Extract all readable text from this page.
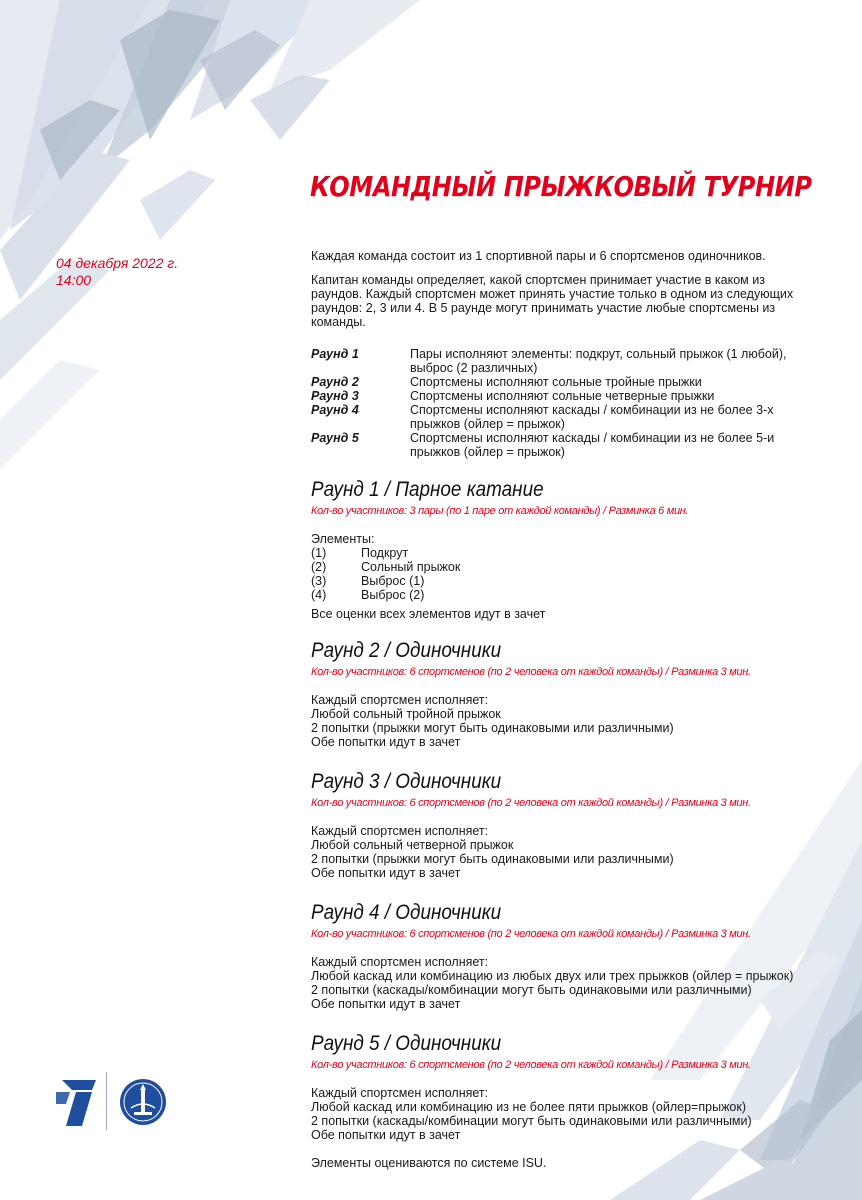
КОМАНДНЫЙ ПРЫЖКОВЫЙ ТУРНИР
04 декабря 2022 г.
14:00

Каждая команда состоит из 1 спортивной пары и 6 спортсменов одиночников.

Капитан команды определяет, какой спортсмен принимает участие в каком из раундов. Каждый спортсмен может принять участие только в одном из следующих раундов: 2, 3 или 4. В 5 раунде могут принимать участие любые спортсмены из команды.

Раунд 1	Пары исполняют элементы: подкрут, сольный прыжок (1 любой), выброс (2 различных)
Раунд 2	Спортсмены исполняют сольные тройные прыжки
Раунд 3	Спортсмены исполняют сольные четверные прыжки
Раунд 4	Спортсмены исполняют каскады / комбинации из не более 3-х прыжков (ойлер = прыжок)
Раунд 5	Спортсмены исполняют каскады / комбинации из не более 5-и прыжков (ойлер = прыжок)
Раунд 1 / Парное катание
Кол-во участников: 3 пары (по 1 паре от каждой команды) / Разминка 6 мин.
Элементы:
(1)	Подкрут
(2)	Сольный прыжок
(3)	Выброс (1)
(4)	Выброс (2)
Все оценки всех элементов идут в зачет
Раунд 2 / Одиночники
Кол-во участников: 6 спортсменов (по 2 человека от каждой команды) / Разминка 3 мин.
Каждый спортсмен исполняет:
Любой сольный тройной прыжок
2 попытки (прыжки могут быть одинаковыми или различными)
Обе попытки идут в зачет
Раунд 3 / Одиночники
Кол-во участников: 6 спортсменов (по 2 человека от каждой команды) / Разминка 3 мин.
Каждый спортсмен исполняет:
Любой сольный четверной прыжок
2 попытки (прыжки могут быть одинаковыми или различными)
Обе попытки идут в зачет
Раунд 4 / Одиночники
Кол-во участников: 6 спортсменов (по 2 человека от каждой команды) / Разминка 3 мин.
Каждый спортсмен исполняет:
Любой каскад или комбинацию из любых двух или трех прыжков (ойлер = прыжок)
2 попытки (каскады/комбинации могут быть одинаковыми или различными)
Обе попытки идут в зачет
Раунд 5 / Одиночники
Кол-во участников: 6 спортсменов (по 2 человека от каждой команды) / Разминка 3 мин.
Каждый спортсмен исполняет:
Любой каскад или комбинацию из не более пяти прыжков (ойлер=прыжок)
2 попытки (каскады/комбинации могут быть одинаковыми или различными)
Обе попытки идут в зачет
Элементы оцениваются по системе ISU.
